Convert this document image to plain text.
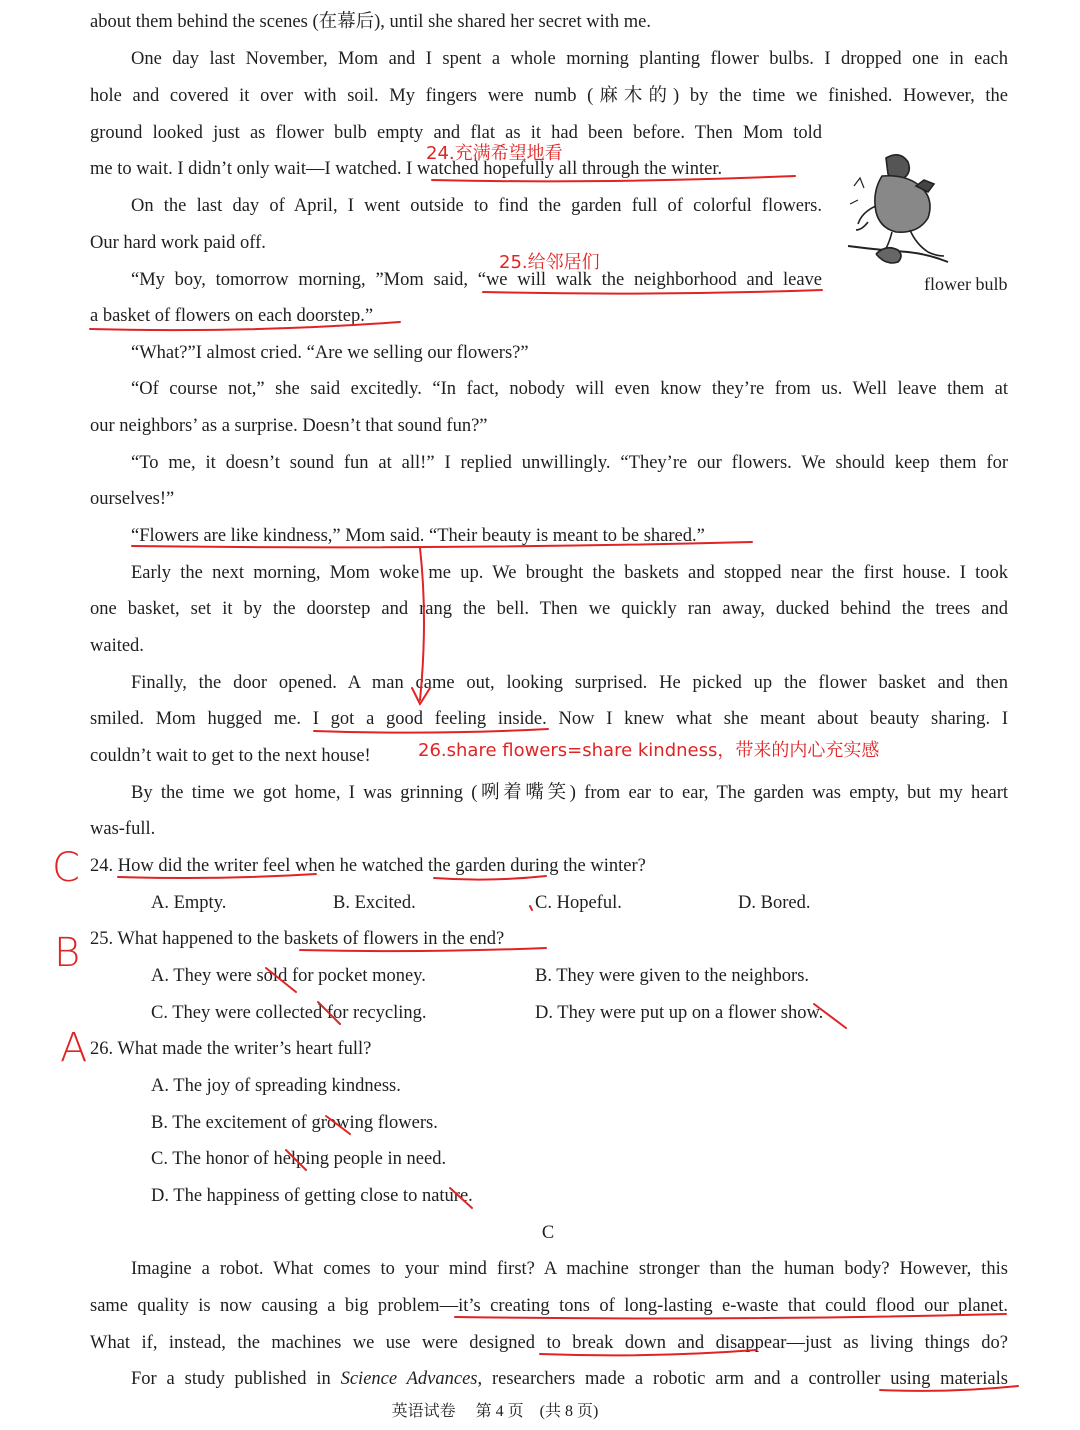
about them behind the scenes (在幕后), until she shared her secret with me.
One day last November, Mom and I spent a whole morning planting flower bulbs. I dropped one in each
hole and covered it over with soil. My fingers were numb (麻木的) by the time we finished. However, the
ground looked just as flower bulb empty and flat as it had been before. Then Mom told
me to wait. I didn’t only wait—I watched. I watched hopefully all through the winter.
On the last day of April, I went outside to find the garden full of colorful flowers.
Our hard work paid off.
“My boy, tomorrow morning, ”Mom said, “we will walk the neighborhood and leave
a basket of flowers on each doorstep.”
“What?”I almost cried. “Are we selling our flowers?”
“Of course not,” she said excitedly. “In fact, nobody will even know they’re from us. Well leave them at
our neighbors’ as a surprise. Doesn’t that sound fun?”
“To me, it doesn’t sound fun at all!” I replied unwillingly. “They’re our flowers. We should keep them for
ourselves!”
“Flowers are like kindness,” Mom said. “Their beauty is meant to be shared.”
Early the next morning, Mom woke me up. We brought the baskets and stopped near the first house. I took
one basket, set it by the doorstep and rang the bell. Then we quickly ran away, ducked behind the trees and
waited.
Finally, the door opened. A man came out, looking surprised. He picked up the flower basket and then
smiled. Mom hugged me. I got a good feeling inside. Now I knew what she meant about beauty sharing. I
couldn’t wait to get to the next house!
By the time we got home, I was grinning (咧着嘴笑) from ear to ear, The garden was empty, but my heart
was-full.
flower bulb
24. How did the writer feel when he watched the garden during the winter?
A. Empty.	B. Excited.	C. Hopeful.	D. Bored.
25. What happened to the baskets of flowers in the end?
A. They were sold for pocket money.	B. They were given to the neighbors.
C. They were collected for recycling.	D. They were put up on a flower show.
26. What made the writer’s heart full?
A. The joy of spreading kindness.
B. The excitement of growing flowers.
C. The honor of helping people in need.
D. The happiness of getting close to nature.
C
Imagine a robot. What comes to your mind first? A machine stronger than the human body? However, this
same quality is now causing a big problem—it’s creating tons of long-lasting e-waste that could flood our planet.
What if, instead, the machines we use were designed to break down and disappear—just as living things do?
For a study published in Science Advances, researchers made a robotic arm and a controller using materials
英语试卷 第 4 页 (共 8 页)
24.充满希望地看
25.给邻居们
26.share flowers=share kindness，带来的内心充实感
C
B
A
